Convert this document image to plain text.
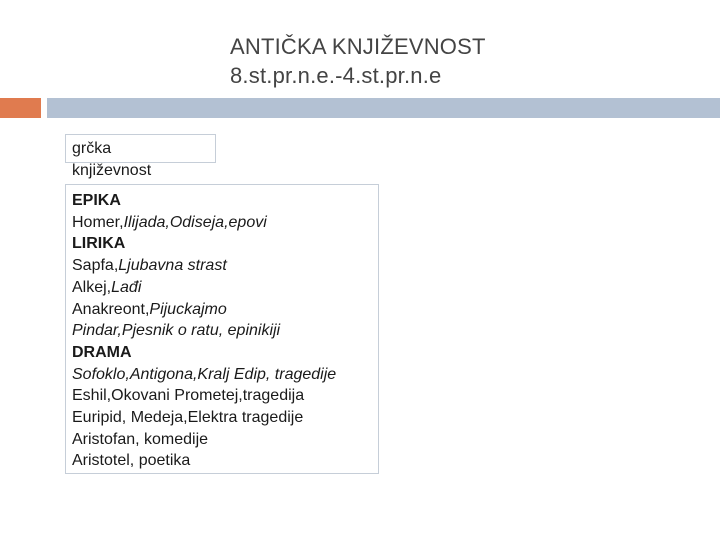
ANTIČKA KNJIŽEVNOST
8.st.pr.n.e.-4.st.pr.n.e
grčka
književnost
EPIKA
Homer,Ilijada,Odiseja,epovi
LIRIKA
Sapfa,Ljubavna strast
Alkej,Lađi
Anakreont,Pijuckajmo
Pindar,Pjesnik o ratu, epinikiji
DRAMA
Sofoklo,Antigona,Kralj Edip, tragedije
Eshil,Okovani Prometej,tragedija
Euripid, Medeja,Elektra tragedije
Aristofan, komedije
Aristotel, poetika
